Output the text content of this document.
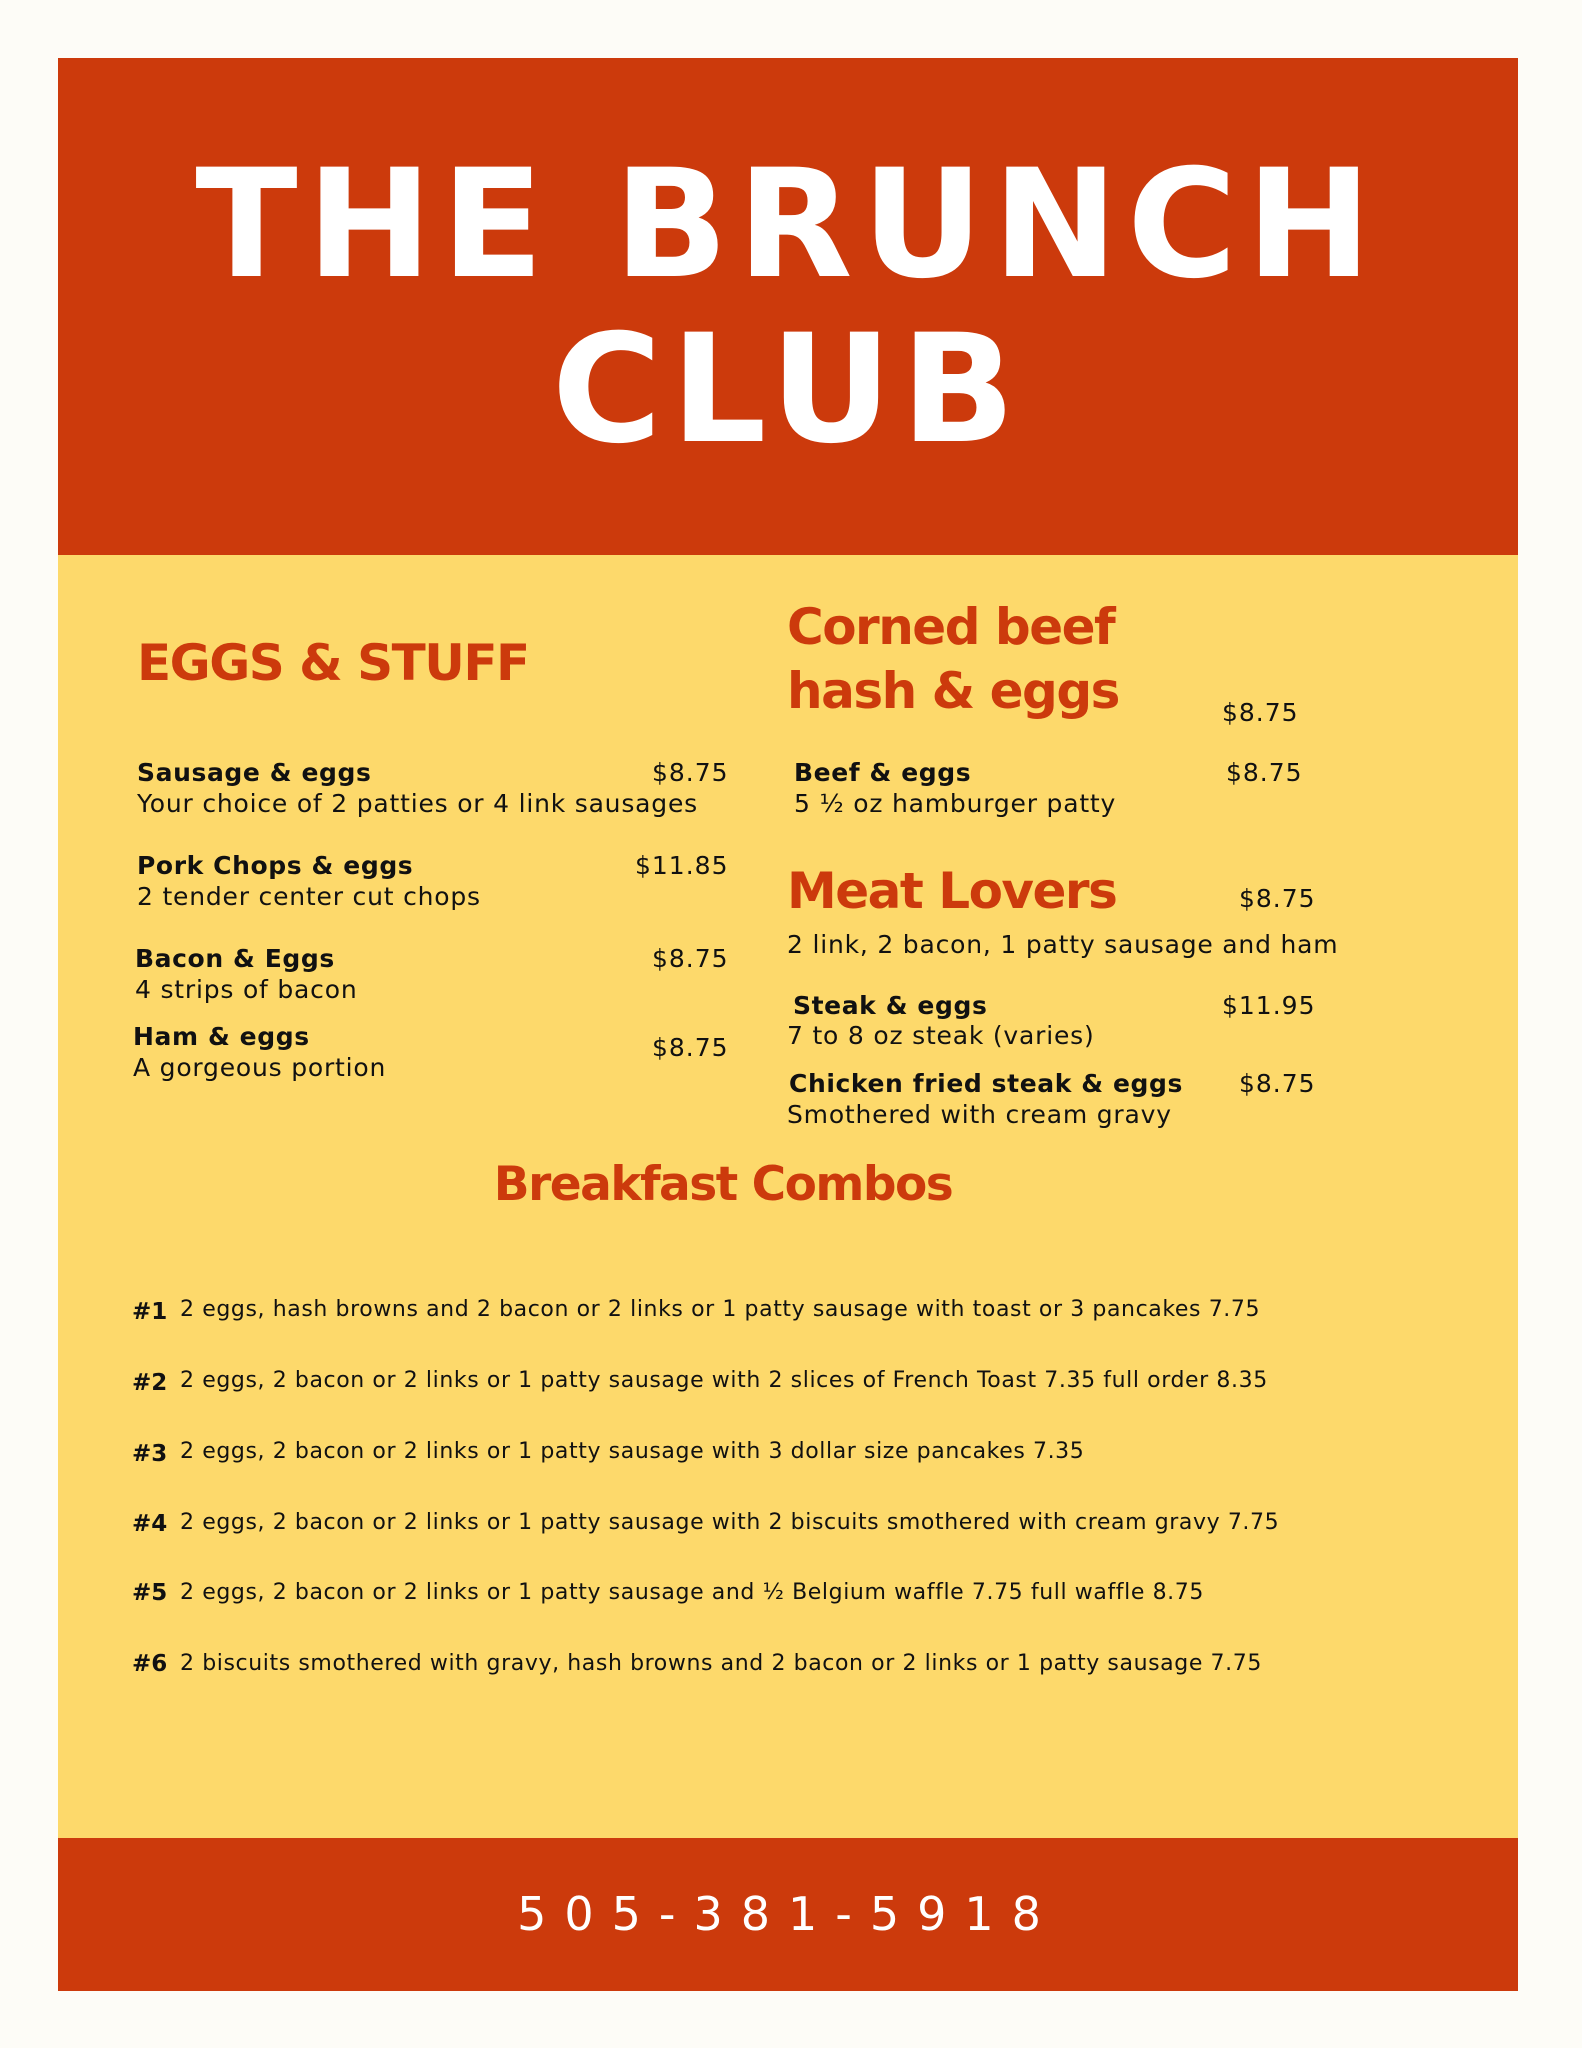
THE BRUNCH
CLUB
EGGS & STUFF
Sausage & eggs	$8.75
Your choice of 2 patties or 4 link sausages
Pork Chops & eggs	$11.85
2 tender center cut chops
Bacon & Eggs	$8.75
4 strips of bacon
Ham & eggs	$8.75
A gorgeous portion
Corned beef
hash & eggs	$8.75
Beef & eggs	$8.75
5 ½ oz hamburger patty
Meat Lovers	$8.75
2 link, 2 bacon, 1 patty sausage and ham
Steak & eggs	$11.95
7 to 8 oz steak (varies)
Chicken fried steak & eggs $8.75
Smothered with cream gravy
Breakfast Combos
#1 2 eggs, hash browns and 2 bacon or 2 links or 1 patty sausage with toast or 3 pancakes 7.75
#2 2 eggs, 2 bacon or 2 links or 1 patty sausage with 2 slices of French Toast 7.35 full order 8.35
#3 2 eggs, 2 bacon or 2 links or 1 patty sausage with 3 dollar size pancakes 7.35
#4 2 eggs, 2 bacon or 2 links or 1 patty sausage with 2 biscuits smothered with cream gravy 7.75
#5 2 eggs, 2 bacon or 2 links or 1 patty sausage and ½ Belgium waffle 7.75 full waffle 8.75
#6 2 biscuits smothered with gravy, hash browns and 2 bacon or 2 links or 1 patty sausage 7.75
505-381-5918
